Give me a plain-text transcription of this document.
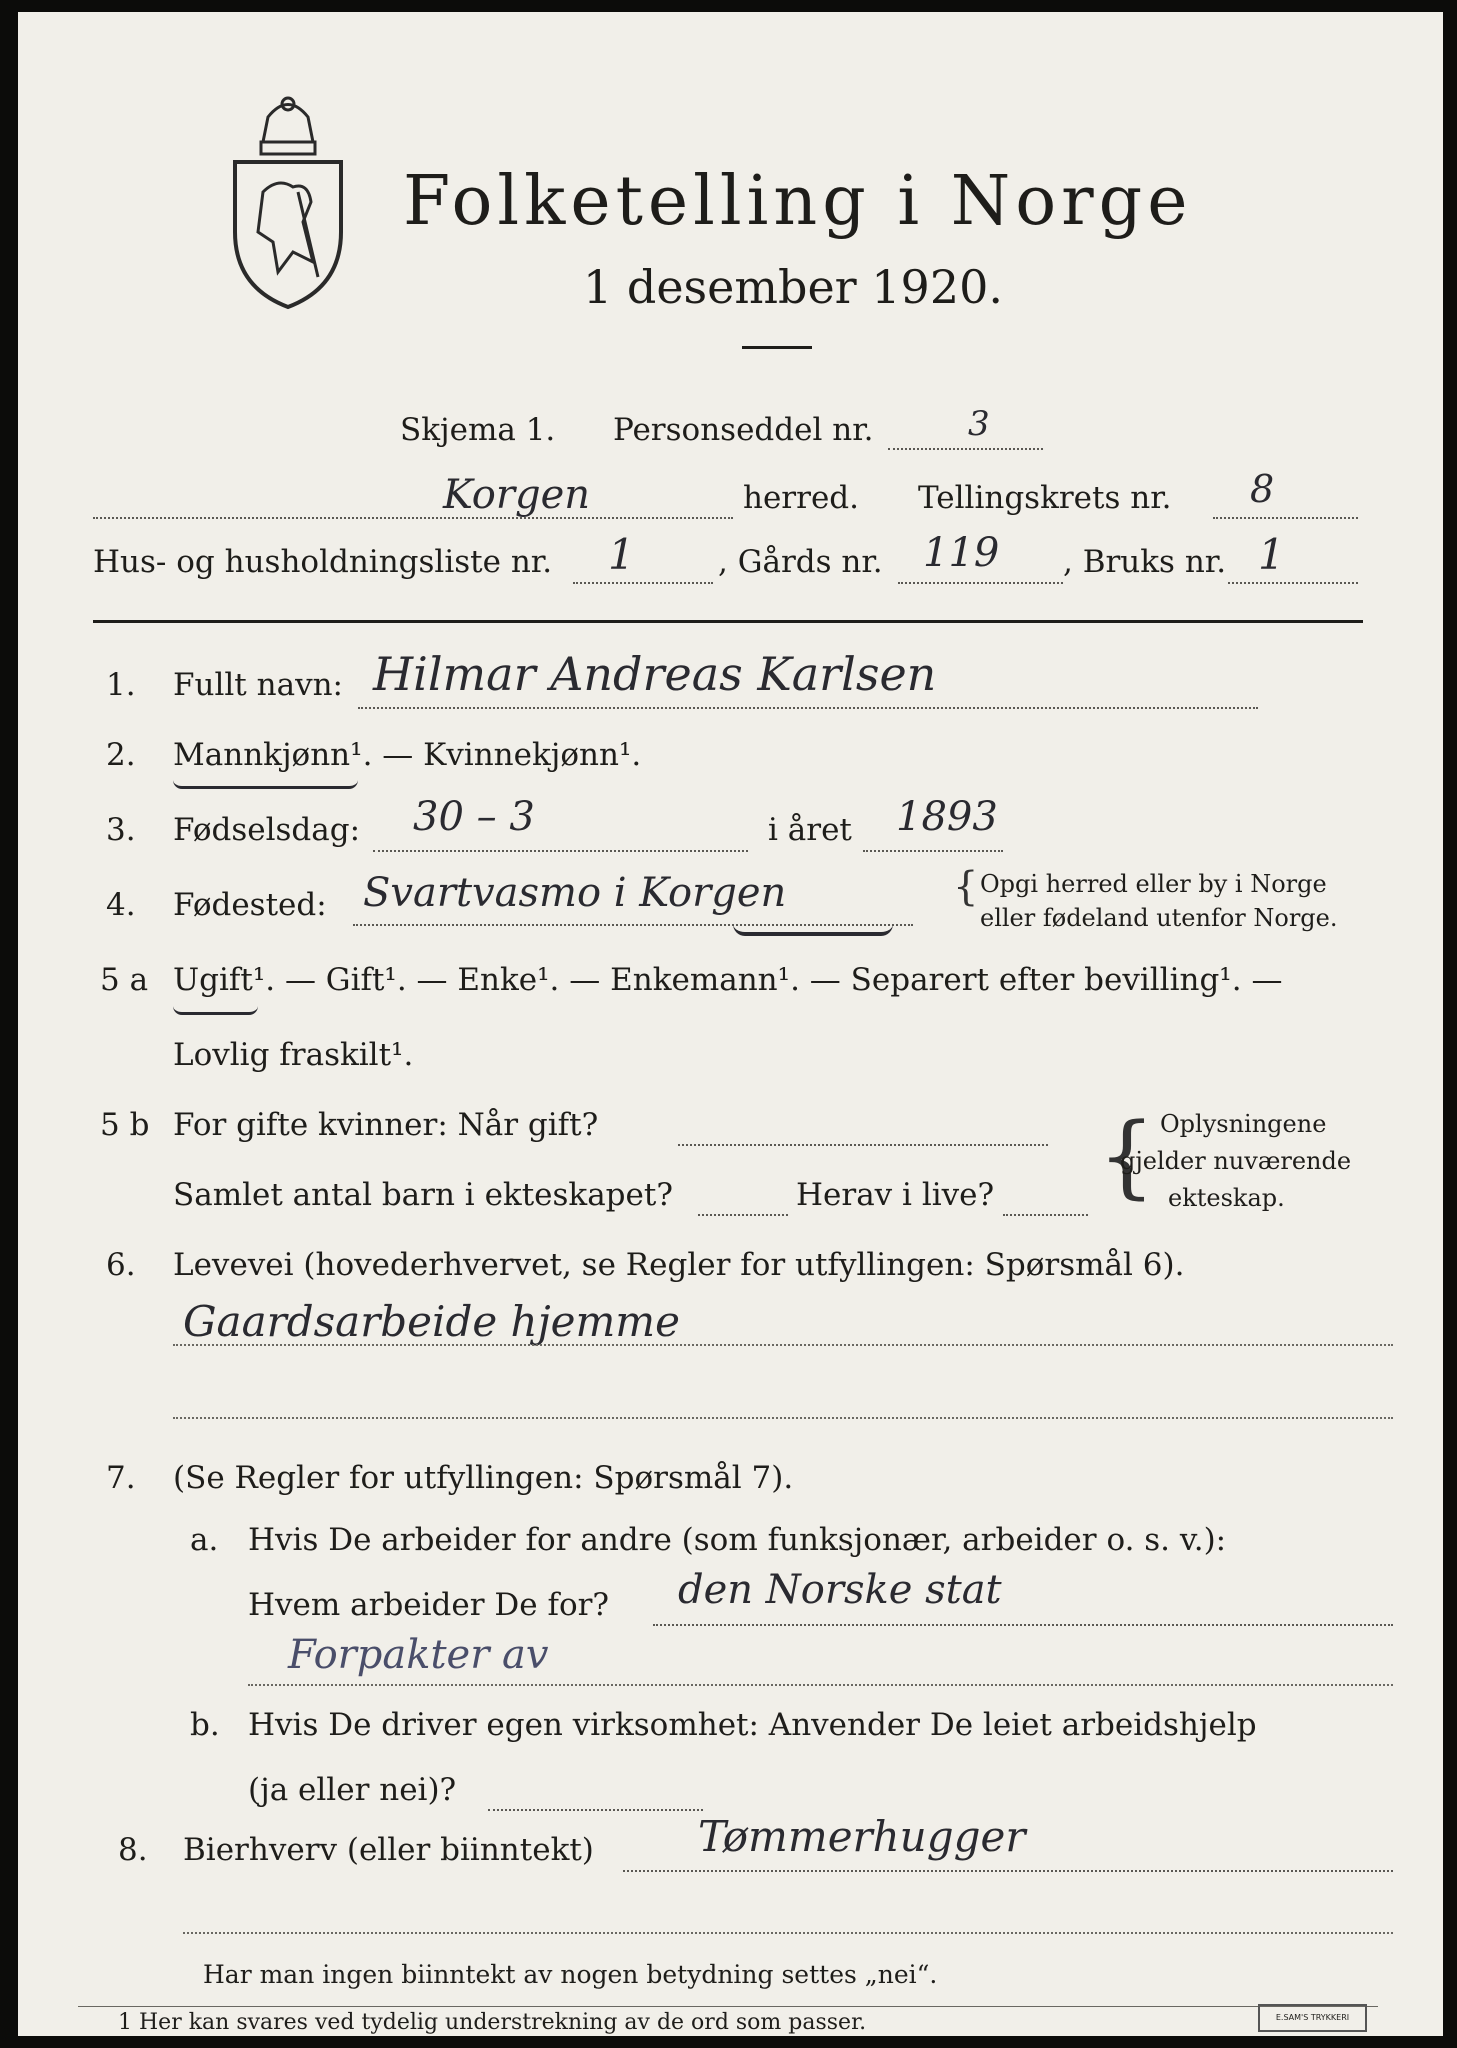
Folketelling i Norge
1 desember 1920.
Skjema 1. Personseddel nr.	3
Korgen	herred. Tellingskrets nr. 8
Hus- og husholdningsliste nr. 1	, Gårds nr. 119 , Bruks nr. 1
1. Fullt navn: Hilmar Andreas Karlsen
2. Mannkjønn¹. — Kvinnekjønn¹.
3. Fødselsdag: 30 – 3	i året 1893
4. Fødested: Svartvasmo i Korgen	{ Opgi herred eller by i Norge
eller fødeland utenfor Norge.
5 a Ugift¹. — Gift¹. — Enke¹. — Enkemann¹. — Separert efter bevilling¹. —
Lovlig fraskilt¹.
5 b For gifte kvinner: Når gift?
Samlet antal barn i ekteskapet?	Herav i live? { Oplysningene
gjelder nuværende
ekteskap.
6. Levevei (hovederhvervet, se Regler for utfyllingen: Spørsmål 6).
Gaardsarbeide hjemme
7. (Se Regler for utfyllingen: Spørsmål 7).
a. Hvis De arbeider for andre (som funksjonær, arbeider o. s. v.):
Hvem arbeider De for? den Norske stat
Forpakter av
b. Hvis De driver egen virksomhet: Anvender De leiet arbeidshjelp
(ja eller nei)?
8. Bierhverv (eller biinntekt) Tømmerhugger
Har man ingen biinntekt av nogen betydning settes „nei“.
1 Her kan svares ved tydelig understrekning av de ord som passer.	E.SAM'S TRYKKERI
